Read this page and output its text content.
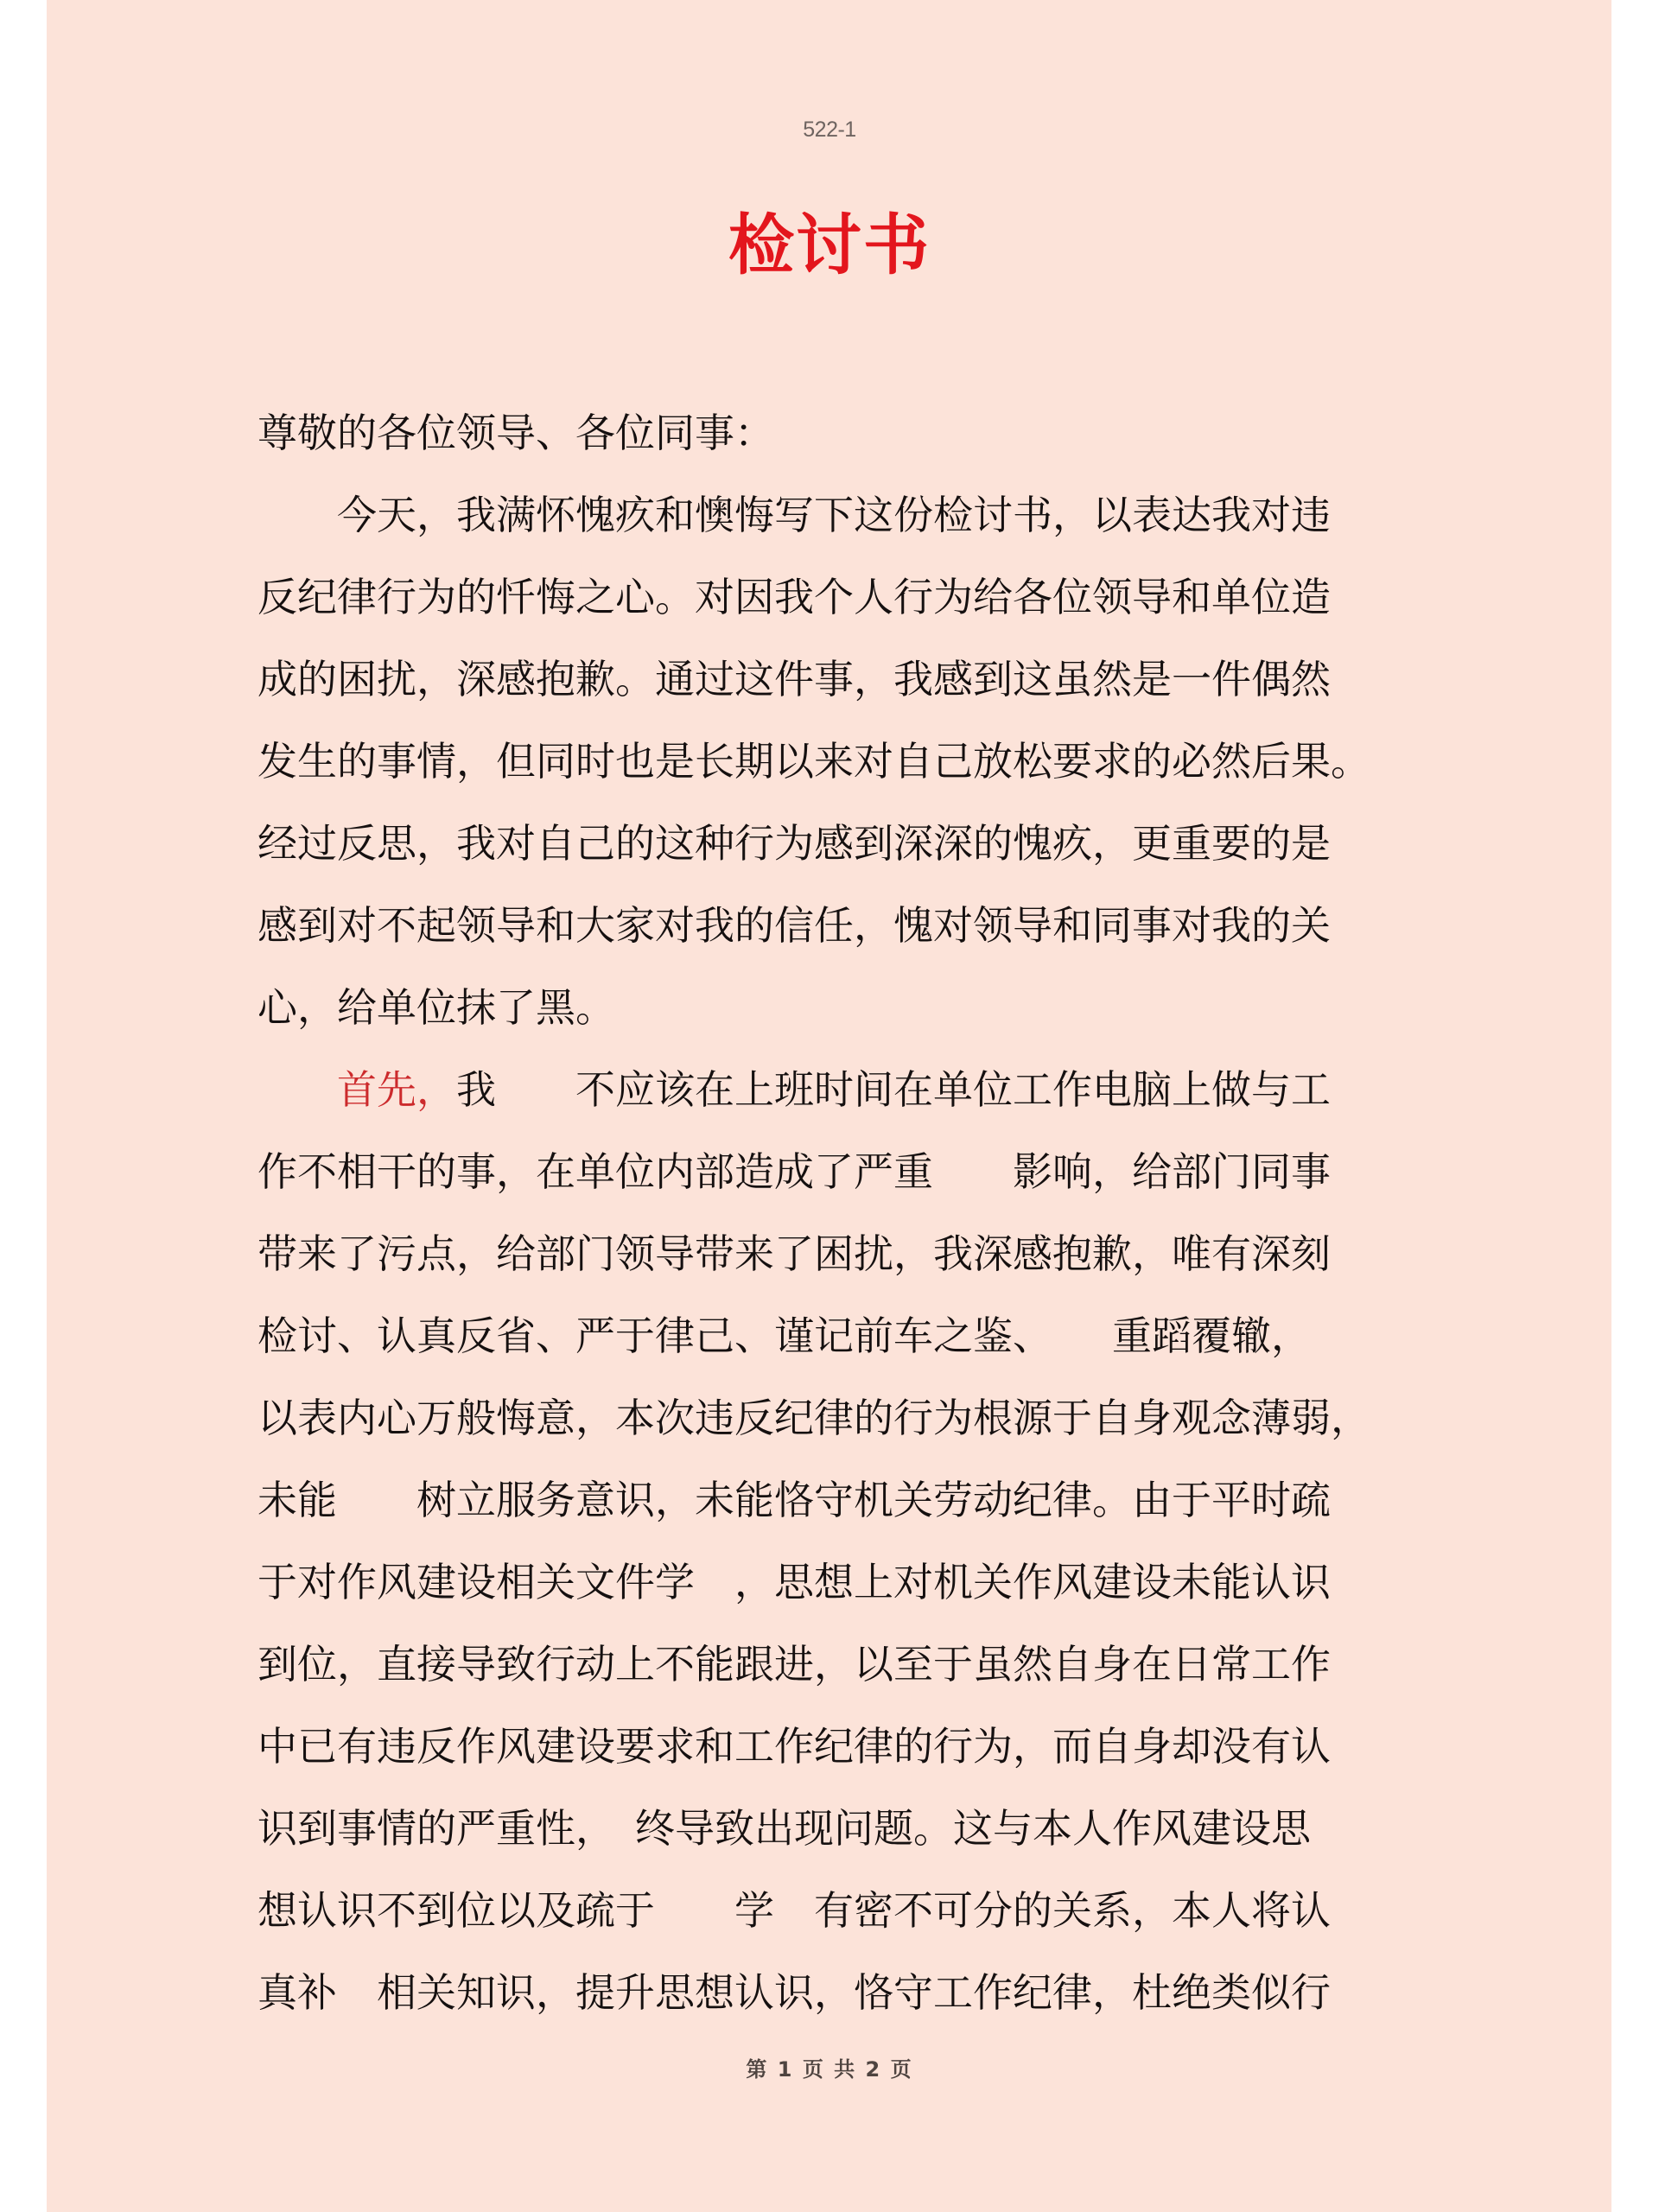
522-1
检讨书
尊敬的各位领导、各位同事：
　　今天，我满怀愧疚和懊悔写下这份检讨书，以表达我对违
反纪律行为的忏悔之心。对因我个人行为给各位领导和单位造
成的困扰，深感抱歉。通过这件事，我感到这虽然是一件偶然
发生的事情，但同时也是长期以来对自己放松要求的必然后果。
经过反思，我对自己的这种行为感到深深的愧疚，更重要的是
感到对不起领导和大家对我的信任，愧对领导和同事对我的关
心，给单位抹了黑。
　　首先，我　　不应该在上班时间在单位工作电脑上做与工
作不相干的事，在单位内部造成了严重　　影响，给部门同事
带来了污点，给部门领导带来了困扰，我深感抱歉，唯有深刻
检讨、认真反省、严于律己、谨记前车之鉴、　　重蹈覆辙，
以表内心万般悔意，本次违反纪律的行为根源于自身观念薄弱，
未能　　树立服务意识，未能恪守机关劳动纪律。由于平时疏
于对作风建设相关文件学　，思想上对机关作风建设未能认识
到位，直接导致行动上不能跟进，以至于虽然自身在日常工作
中已有违反作风建设要求和工作纪律的行为，而自身却没有认
识到事情的严重性，　终导致出现问题。这与本人作风建设思
想认识不到位以及疏于　　学　有密不可分的关系，本人将认
真补　相关知识，提升思想认识，恪守工作纪律，杜绝类似行
第 1 页 共 2 页
